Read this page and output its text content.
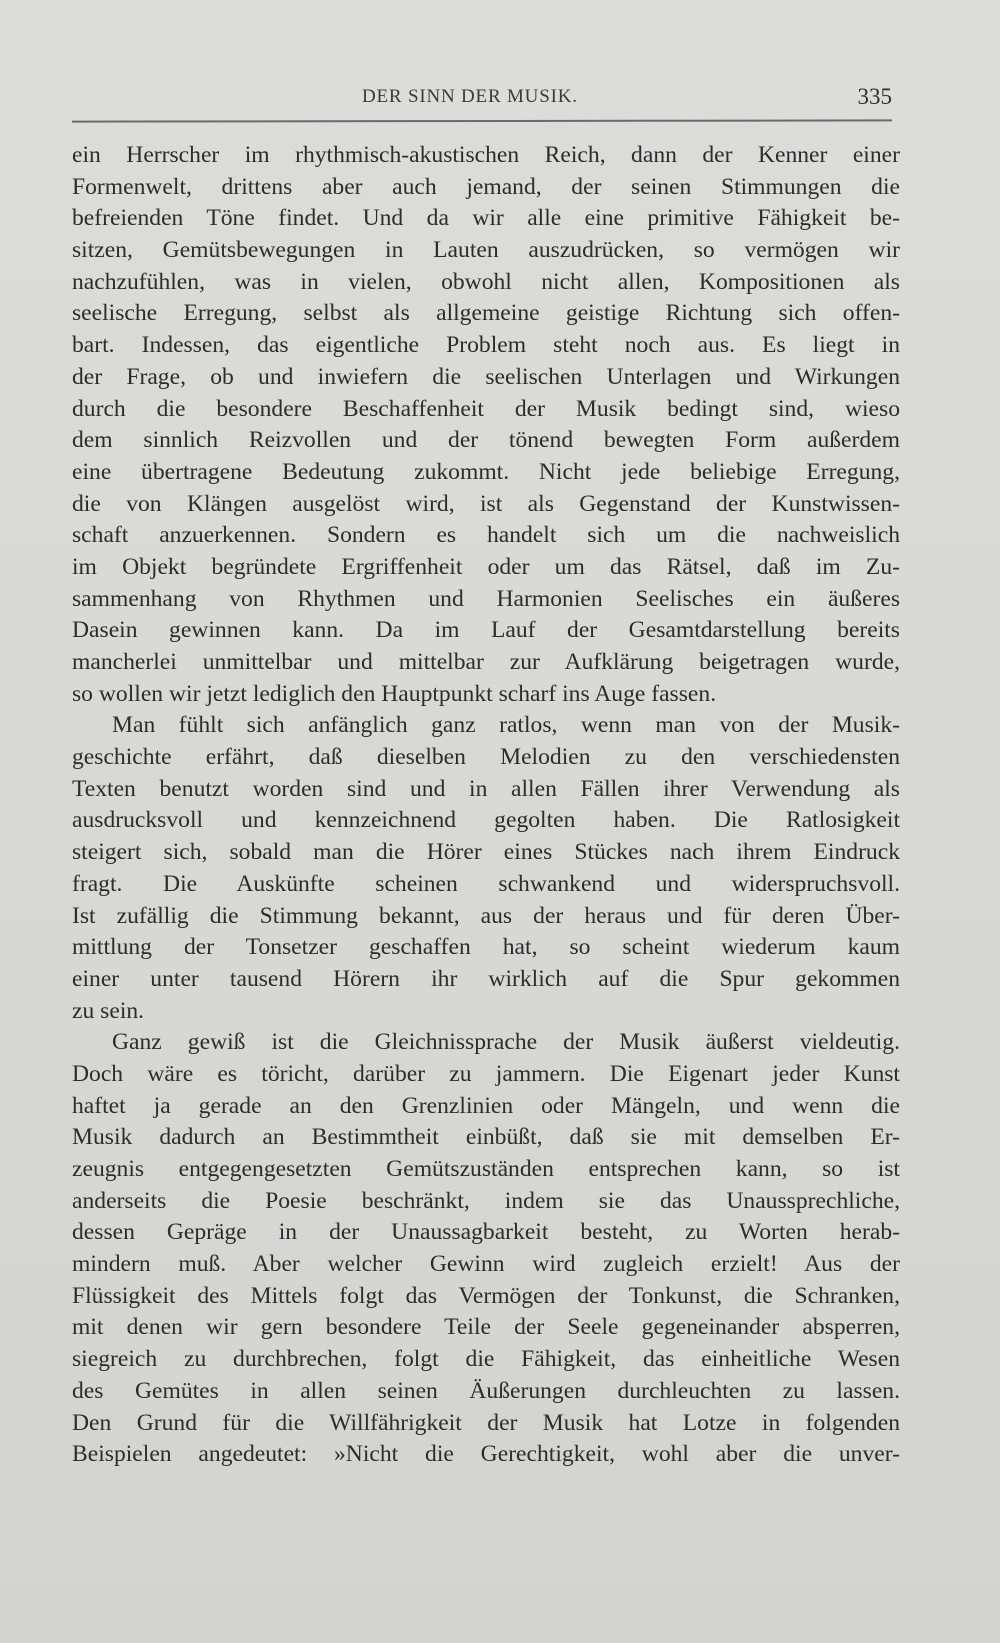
DER SINN DER MUSIK.	335
ein Herrscher im rhythmisch-akustischen Reich, dann der Kenner einer
Formenwelt, drittens aber auch jemand, der seinen Stimmungen die
befreienden Töne findet. Und da wir alle eine primitive Fähigkeit be-
sitzen, Gemütsbewegungen in Lauten auszudrücken, so vermögen wir
nachzufühlen, was in vielen, obwohl nicht allen, Kompositionen als
seelische Erregung, selbst als allgemeine geistige Richtung sich offen-
bart. Indessen, das eigentliche Problem steht noch aus. Es liegt in
der Frage, ob und inwiefern die seelischen Unterlagen und Wirkungen
durch die besondere Beschaffenheit der Musik bedingt sind, wieso
dem sinnlich Reizvollen und der tönend bewegten Form außerdem
eine übertragene Bedeutung zukommt. Nicht jede beliebige Erregung,
die von Klängen ausgelöst wird, ist als Gegenstand der Kunstwissen-
schaft anzuerkennen. Sondern es handelt sich um die nachweislich
im Objekt begründete Ergriffenheit oder um das Rätsel, daß im Zu-
sammenhang von Rhythmen und Harmonien Seelisches ein äußeres
Dasein gewinnen kann. Da im Lauf der Gesamtdarstellung bereits
mancherlei unmittelbar und mittelbar zur Aufklärung beigetragen wurde,
so wollen wir jetzt lediglich den Hauptpunkt scharf ins Auge fassen.
Man fühlt sich anfänglich ganz ratlos, wenn man von der Musik-
geschichte erfährt, daß dieselben Melodien zu den verschiedensten
Texten benutzt worden sind und in allen Fällen ihrer Verwendung als
ausdrucksvoll und kennzeichnend gegolten haben. Die Ratlosigkeit
steigert sich, sobald man die Hörer eines Stückes nach ihrem Eindruck
fragt. Die Auskünfte scheinen schwankend und widerspruchsvoll.
Ist zufällig die Stimmung bekannt, aus der heraus und für deren Über-
mittlung der Tonsetzer geschaffen hat, so scheint wiederum kaum
einer unter tausend Hörern ihr wirklich auf die Spur gekommen
zu sein.
Ganz gewiß ist die Gleichnissprache der Musik äußerst vieldeutig.
Doch wäre es töricht, darüber zu jammern. Die Eigenart jeder Kunst
haftet ja gerade an den Grenzlinien oder Mängeln, und wenn die
Musik dadurch an Bestimmtheit einbüßt, daß sie mit demselben Er-
zeugnis entgegengesetzten Gemütszuständen entsprechen kann, so ist
anderseits die Poesie beschränkt, indem sie das Unaussprechliche,
dessen Gepräge in der Unaussagbarkeit besteht, zu Worten herab-
mindern muß. Aber welcher Gewinn wird zugleich erzielt! Aus der
Flüssigkeit des Mittels folgt das Vermögen der Tonkunst, die Schranken,
mit denen wir gern besondere Teile der Seele gegeneinander absperren,
siegreich zu durchbrechen, folgt die Fähigkeit, das einheitliche Wesen
des Gemütes in allen seinen Äußerungen durchleuchten zu lassen.
Den Grund für die Willfährigkeit der Musik hat Lotze in folgenden
Beispielen angedeutet: »Nicht die Gerechtigkeit, wohl aber die unver-
